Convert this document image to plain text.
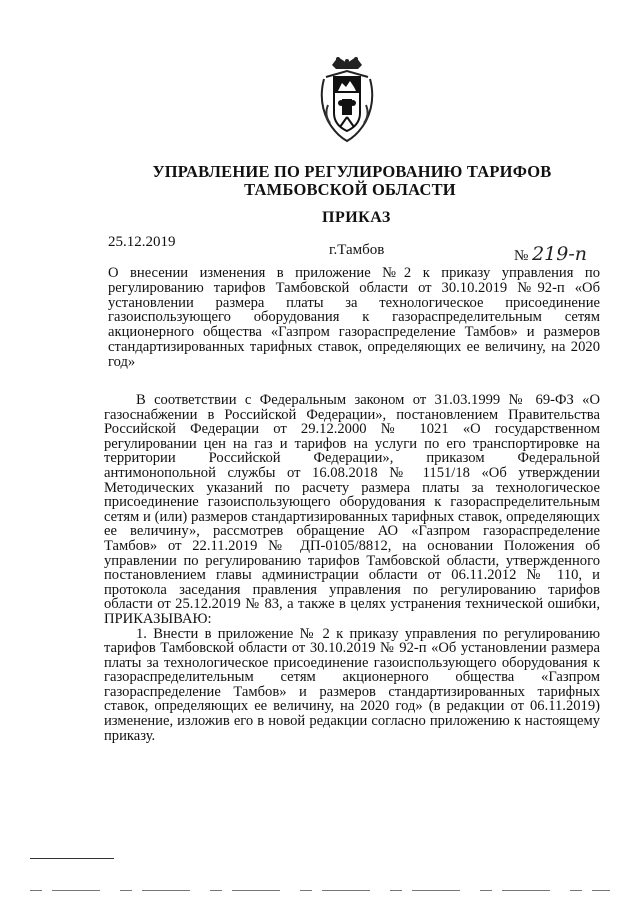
УПРАВЛЕНИЕ ПО РЕГУЛИРОВАНИЮ ТАРИФОВ
ТАМБОВСКОЙ ОБЛАСТИ
ПРИКАЗ
25.12.2019	г.Тамбов	№ 219-п
О внесении изменения в приложение №2 к приказу управления по
регулированию тарифов Тамбовской области от 30.10.2019 №92-п «Об
установлении размера платы за технологическое присоединение
газоиспользующего оборудования к газораспределительным сетям
акционерного общества «Газпром газораспределение Тамбов» и размеров
стандартизированных тарифных ставок, определяющих ее величину, на 2020
год»
В соответствии с Федеральным законом от 31.03.1999 № 69-ФЗ «О
газоснабжении в Российской Федерации», постановлением Правительства
Российской Федерации от 29.12.2000 № 1021 «О государственном
регулировании цен на газ и тарифов на услуги по его транспортировке на
территории Российской Федерации», приказом Федеральной
антимонопольной службы от 16.08.2018 № 1151/18 «Об утверждении
Методических указаний по расчету размера платы за технологическое
присоединение газоиспользующего оборудования к газораспределительным
сетям и (или) размеров стандартизированных тарифных ставок, определяющих
ее величину», рассмотрев обращение АО «Газпром газораспределение
Тамбов» от 22.11.2019 № ДП-0105/8812, на основании Положения об
управлении по регулированию тарифов Тамбовской области, утвержденного
постановлением главы администрации области от 06.11.2012 № 110, и
протокола заседания правления управления по регулированию тарифов
области от 25.12.2019 № 83, а также в целях устранения технической ошибки,
ПРИКАЗЫВАЮ:
1. Внести в приложение № 2 к приказу управления по регулированию
тарифов Тамбовской области от 30.10.2019 № 92-п «Об установлении размера
платы за технологическое присоединение газоиспользующего оборудования к
газораспределительным сетям акционерного общества «Газпром
газораспределение Тамбов» и размеров стандартизированных тарифных
ставок, определяющих ее величину, на 2020 год» (в редакции от 06.11.2019)
изменение, изложив его в новой редакции согласно приложению к настоящему
приказу.
